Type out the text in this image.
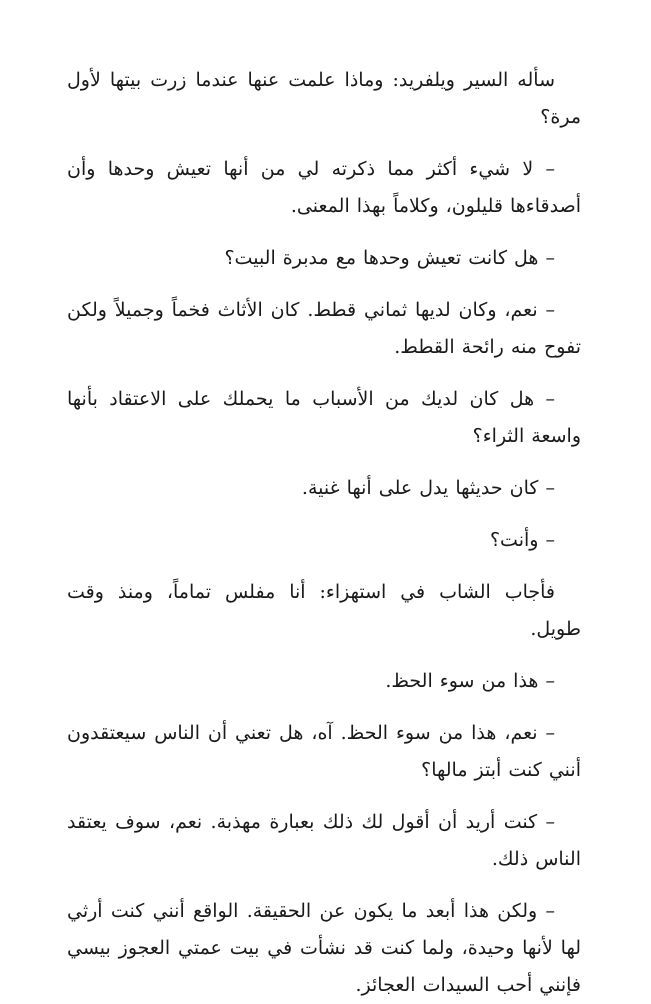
سأله السير ويلفريد: وماذا علمت عنها عندما زرت بيتها لأول مرة؟

– لا شيء أكثر مما ذكرته لي من أنها تعيش وحدها وأن أصدقاءها قليلون، وكلاماً بهذا المعنى.

– هل كانت تعيش وحدها مع مدبرة البيت؟

– نعم، وكان لديها ثماني قطط. كان الأثاث فخماً وجميلاً ولكن تفوح منه رائحة القطط.

– هل كان لديك من الأسباب ما يحملك على الاعتقاد بأنها واسعة الثراء؟

– كان حديثها يدل على أنها غنية.

– وأنت؟

فأجاب الشاب في استهزاء: أنا مفلس تماماً، ومنذ وقت طويل.

– هذا من سوء الحظ.

– نعم، هذا من سوء الحظ. آه، هل تعني أن الناس سيعتقدون أنني كنت أبتز مالها؟

– كنت أريد أن أقول لك ذلك بعبارة مهذبة. نعم، سوف يعتقد الناس ذلك.

– ولكن هذا أبعد ما يكون عن الحقيقة. الواقع أنني كنت أرثي لها لأنها وحيدة، ولما كنت قد نشأت في بيت عمتي العجوز بيسي فإنني أحب السيدات العجائز.
